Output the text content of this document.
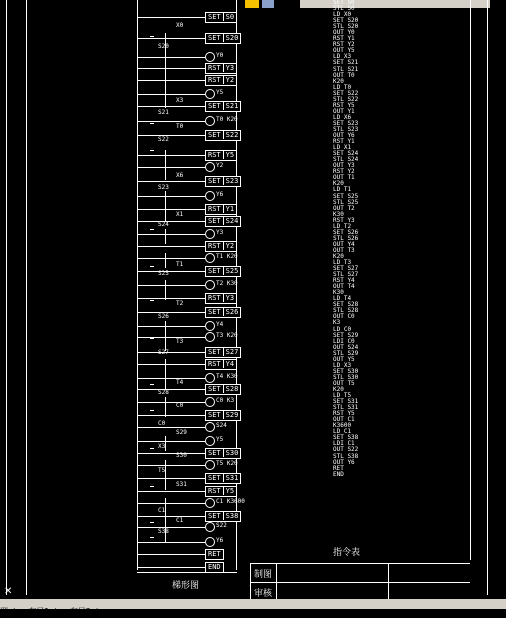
SET S0
SET S20
RST Y3
RST Y2
SET S21
SET S22
RST Y5
SET S23
RST Y1
SET S24
RST Y2
SET S25
RST Y3
SET S26
SET S27
RST Y4
SET S28
SET S29
SET S30
SET S31
RST Y5
SET S38
RET
END
Y0
Y5
T0 K20
Y2
Y6
Y3
T1 K20
T2 K30
Y4
T3 K20
T4 K30
C0 K3
S24
Y5
T5 K20
C1 K3600
S22
Y6
X0
S20
X3
S21
T0
S22
X6
S23
X1
S24
T1
S25
T2
S26
T3
S27
T4
S28
C0
C0
S29
X3
S30
T5
S31
C1
C1
S38
SET S0
STL S0
LD X0
SET S20
STL S20
OUT Y0
RST Y1
RST Y2
OUT Y5
LD X3
SET S21
STL S21
OUT T0
K20
LD T0
SET S22
STL S22
RST Y5
OUT Y1
LD X6
SET S23
STL S23
OUT Y6
RST Y1
LD X1
SET S24
STL S24
OUT Y3
RST Y2
OUT T1
K20
LD T1
SET S25
STL S25
OUT T2
K30
RST Y3
LD T2
SET S26
STL S26
OUT Y4
OUT T3
K20
LD T3
SET S27
STL S27
RST Y4
OUT T4
K30
LD T4
SET S28
STL S28
OUT C0
K3
LD C0
SET S29
LDI C0
OUT S24
STL S29
OUT Y5
LD X3
SET S30
STL S30
OUT T5
K20
LD T5
SET S31
STL S31
RST Y5
OUT C1
K3600
LD C1
SET S38
LDI C1
OUT S22
STL S38
OUT Y6
RET
END
梯形图
指令表
制图
审核
✕
型 / 布局1 / 布局2 /
